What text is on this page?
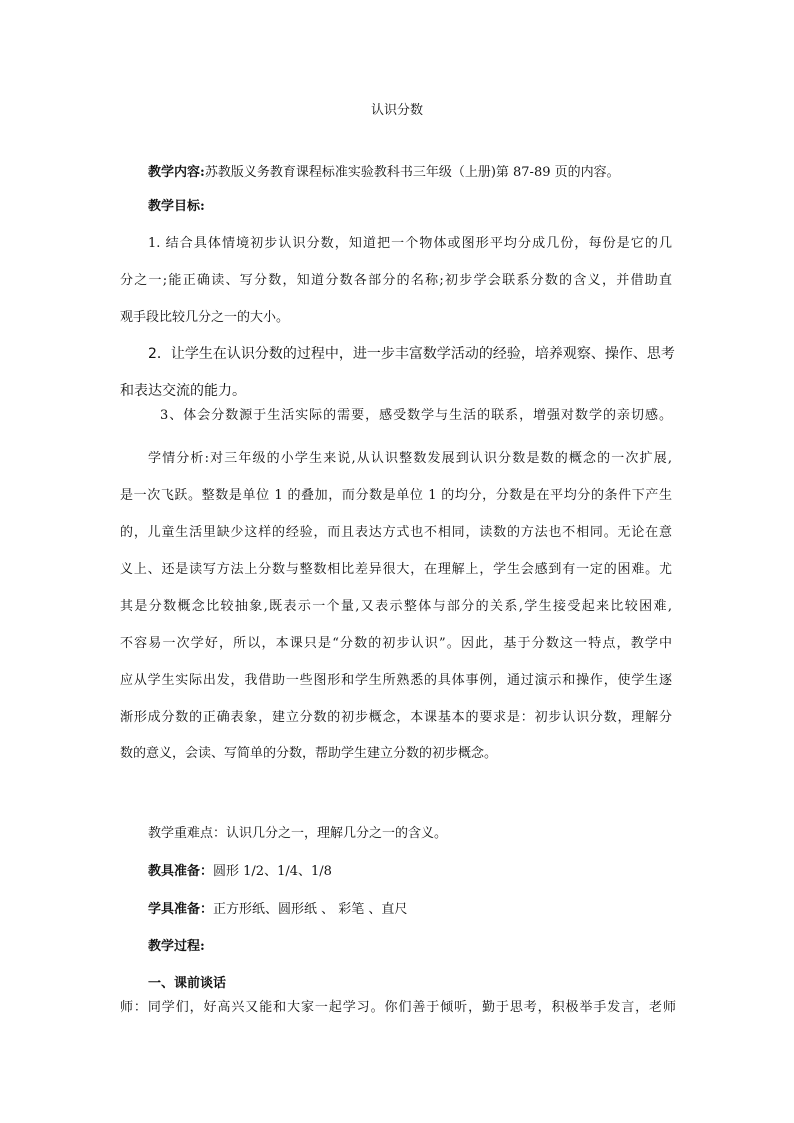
认识分数
教学内容:苏教版义务教育课程标准实验教科书三年级（上册)第 87-89 页的内容。
教学目标:
1. 结合具体情境初步认识分数，知道把一个物体或图形平均分成几份，每份是它的几
分之一;能正确读、写分数，知道分数各部分的名称;初步学会联系分数的含义，并借助直
观手段比较几分之一的大小。
2．让学生在认识分数的过程中，进一步丰富数学活动的经验，培养观察、操作、思考
和表达交流的能力。
3、体会分数源于生活实际的需要，感受数学与生活的联系，增强对数学的亲切感。
学情分析:对三年级的小学生来说,从认识整数发展到认识分数是数的概念的一次扩展,
是一次飞跃。整数是单位 1 的叠加，而分数是单位 1 的均分，分数是在平均分的条件下产生
的，儿童生活里缺少这样的经验，而且表达方式也不相同，读数的方法也不相同。无论在意
义上、还是读写方法上分数与整数相比差异很大，在理解上，学生会感到有一定的困难。尤
其是分数概念比较抽象,既表示一个量,又表示整体与部分的关系,学生接受起来比较困难,
不容易一次学好，所以，本课只是“分数的初步认识”。因此，基于分数这一特点，教学中
应从学生实际出发，我借助一些图形和学生所熟悉的具体事例，通过演示和操作，使学生逐
渐形成分数的正确表象，建立分数的初步概念，本课基本的要求是：初步认识分数，理解分
数的意义，会读、写简单的分数，帮助学生建立分数的初步概念。
教学重难点：认识几分之一，理解几分之一的含义。
教具准备：圆形 1/2、1/4、1/8
学具准备：正方形纸、圆形纸 、 彩笔 、直尺
教学过程:
一、课前谈话
师：同学们，好高兴又能和大家一起学习。你们善于倾听，勤于思考，积极举手发言，老师
